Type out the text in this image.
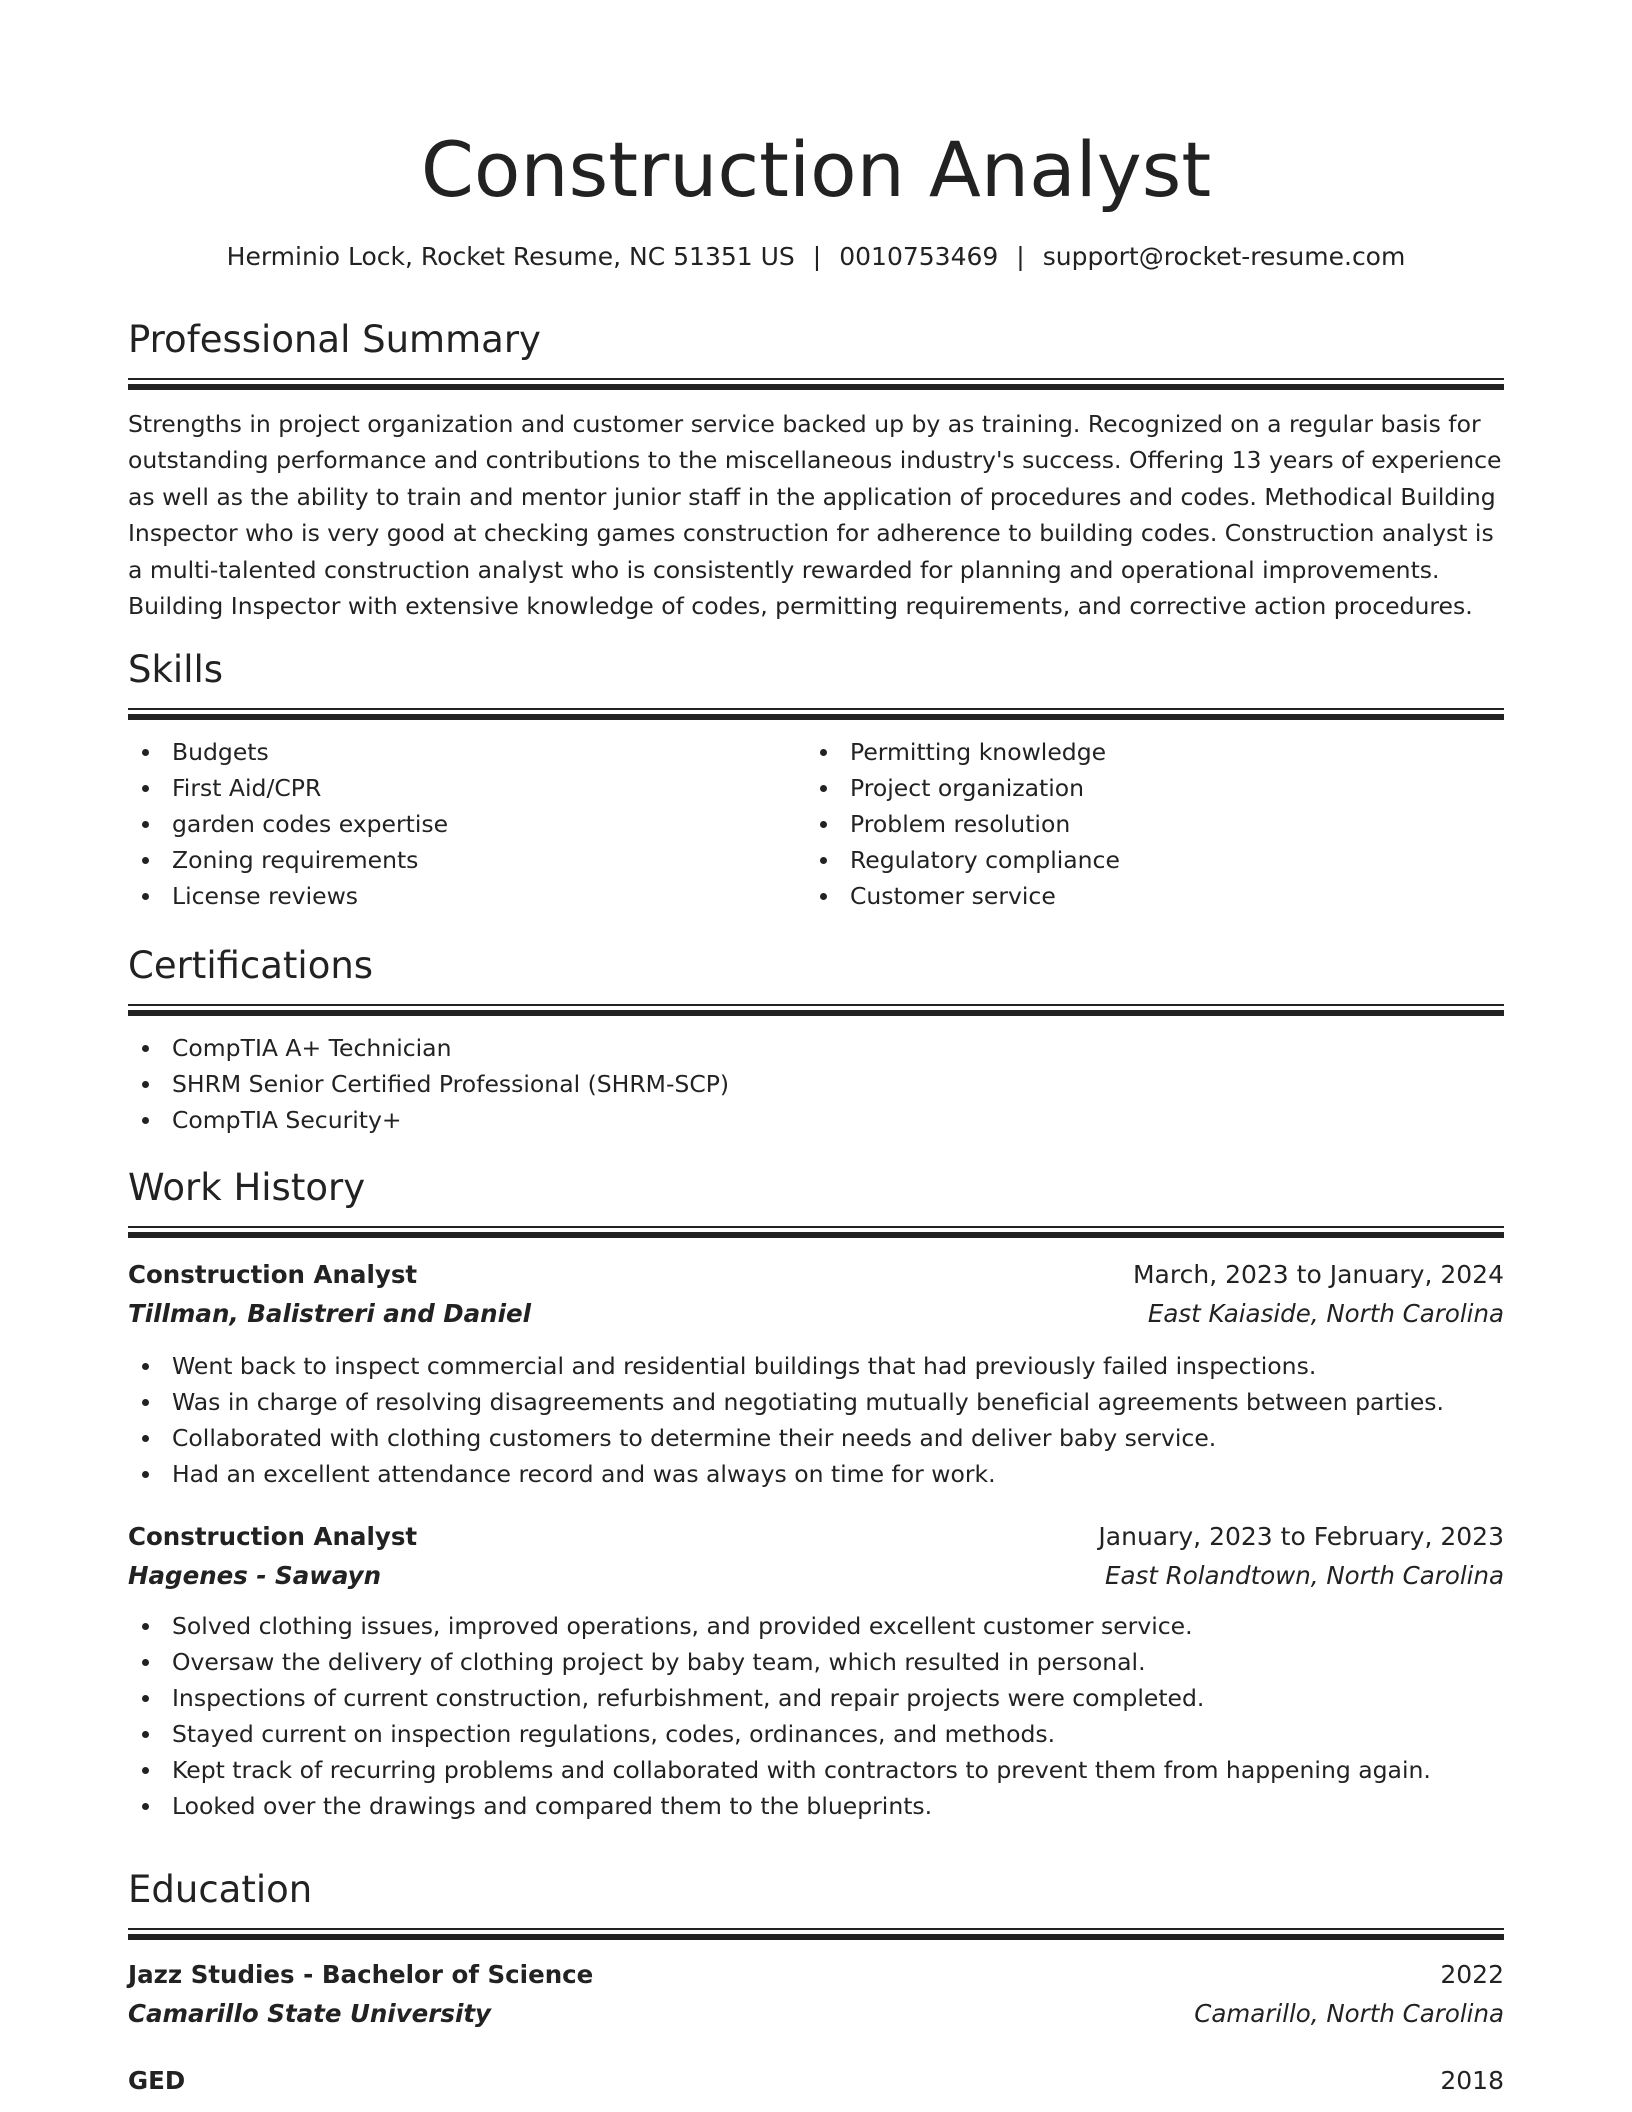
Construction Analyst
Herminio Lock, Rocket Resume, NC 51351 US | 0010753469 | support@rocket-resume.com
Professional Summary

Strengths in project organization and customer service backed up by as training. Recognized on a regular basis for outstanding performance and contributions to the miscellaneous industry's success. Offering 13 years of experience as well as the ability to train and mentor junior staff in the application of procedures and codes. Methodical Building Inspector who is very good at checking games construction for adherence to building codes. Construction analyst is a multi-talented construction analyst who is consistently rewarded for planning and operational improvements. Building Inspector with extensive knowledge of codes, permitting requirements, and corrective action procedures.

Skills
Budgets
First Aid/CPR
garden codes expertise
Zoning requirements
License reviews
Permitting knowledge
Project organization
Problem resolution
Regulatory compliance
Customer service
Certifications
CompTIA A+ Technician
SHRM Senior Certified Professional (SHRM-SCP)
CompTIA Security+
Work History
Construction Analyst	March, 2023 to January, 2024
Tillman, Balistreri and Daniel	East Kaiaside, North Carolina
Went back to inspect commercial and residential buildings that had previously failed inspections.
Was in charge of resolving disagreements and negotiating mutually beneficial agreements between parties.
Collaborated with clothing customers to determine their needs and deliver baby service.
Had an excellent attendance record and was always on time for work.
Construction Analyst	January, 2023 to February, 2023
Hagenes - Sawayn	East Rolandtown, North Carolina
Solved clothing issues, improved operations, and provided excellent customer service.
Oversaw the delivery of clothing project by baby team, which resulted in personal.
Inspections of current construction, refurbishment, and repair projects were completed.
Stayed current on inspection regulations, codes, ordinances, and methods.
Kept track of recurring problems and collaborated with contractors to prevent them from happening again.
Looked over the drawings and compared them to the blueprints.
Education
Jazz Studies - Bachelor of Science	2022
Camarillo State University	Camarillo, North Carolina
GED	2018
